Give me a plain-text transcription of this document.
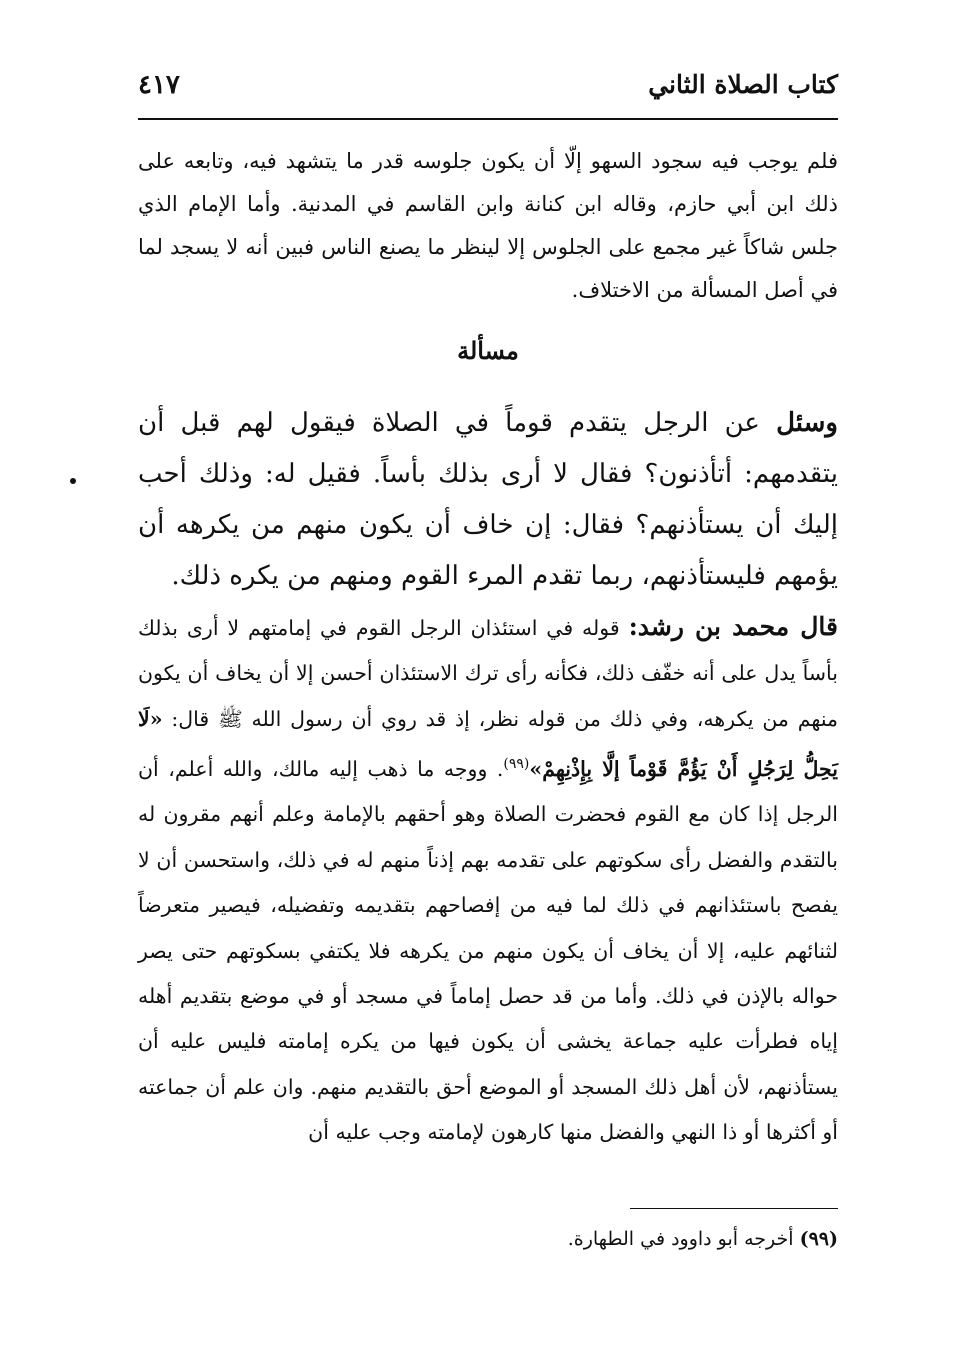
كتاب الصلاة الثاني
٤١٧
فلم يوجب فيه سجود السهو إلّا أن يكون جلوسه قدر ما يتشهد فيه، وتابعه على ذلك ابن أبي حازم، وقاله ابن كنانة وابن القاسم في المدنية. وأما الإمام الذي جلس شاكاً غير مجمع على الجلوس إلا لينظر ما يصنع الناس فبين أنه لا يسجد لما في أصل المسألة من الاختلاف.
مسألة
وسئل عن الرجل يتقدم قوماً في الصلاة فيقول لهم قبل أن يتقدمهم: أتأذنون؟ فقال لا أرى بذلك بأساً. فقيل له: وذلك أحب إليك أن يستأذنهم؟ فقال: إن خاف أن يكون منهم من يكرهه أن يؤمهم فليستأذنهم، ربما تقدم المرء القوم ومنهم من يكره ذلك.
قال محمد بن رشد: قوله في استئذان الرجل القوم في إمامتهم لا أرى بذلك بأساً يدل على أنه خفّف ذلك، فكأنه رأى ترك الاستئذان أحسن إلا أن يخاف أن يكون منهم من يكرهه، وفي ذلك من قوله نظر، إذ قد روي أن رسول الله ﷺ قال: «لَا يَحِلُّ لِرَجُلٍ أَنْ يَؤُمَّ قَوْماً إلَّا بِإِذْنِهِمْ»$^{(٩٩)}$. ووجه ما ذهب إليه مالك، والله أعلم، أن الرجل إذا كان مع القوم فحضرت الصلاة وهو أحقهم بالإمامة وعلم أنهم مقرون له بالتقدم والفضل رأى سكوتهم على تقدمه بهم إذناً منهم له في ذلك، واستحسن أن لا يفصح باستئذانهم في ذلك لما فيه من إفصاحهم بتقديمه وتفضيله، فيصير متعرضاً لثنائهم عليه، إلا أن يخاف أن يكون منهم من يكرهه فلا يكتفي بسكوتهم حتى يصر حواله بالإذن في ذلك. وأما من قد حصل إماماً في مسجد أو في موضع بتقديم أهله إياه فطرأت عليه جماعة يخشى أن يكون فيها من يكره إمامته فليس عليه أن يستأذنهم، لأن أهل ذلك المسجد أو الموضع أحق بالتقديم منهم. وان علم أن جماعته أو أكثرها أو ذا النهي والفضل منها كارهون لإمامته وجب عليه أن
(٩٩) أخرجه أبو داوود في الطهارة.
